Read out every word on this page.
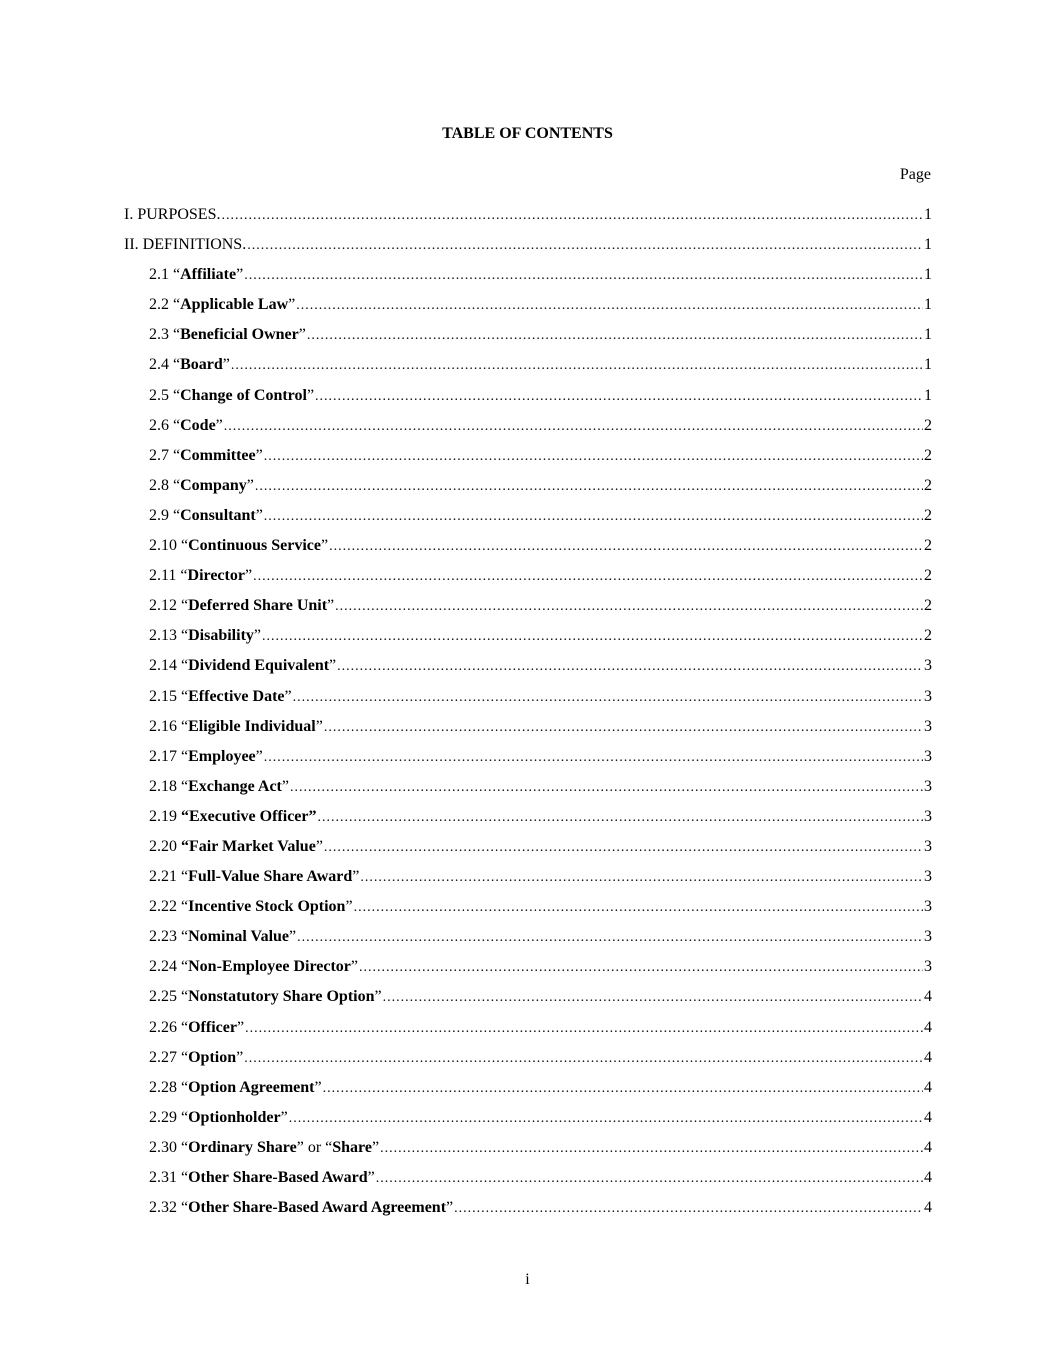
TABLE OF CONTENTS
Page
I. PURPOSES. .....	1
II. DEFINITIONS. .....	1
2.1 “Affiliate” .....	1
2.2 “Applicable Law” .....	1
2.3 “Beneficial Owner” .....	1
2.4 “Board” .....	1
2.5 “Change of Control” .....	1
2.6 “Code” .....	2
2.7 “Committee” .....	2
2.8 “Company” .....	2
2.9 “Consultant” .....	2
2.10 “Continuous Service” .....	2
2.11 “Director” .....	2
2.12 “Deferred Share Unit” .....	2
2.13 “Disability” .....	2
2.14 “Dividend Equivalent” .....	3
2.15 “Effective Date” .....	3
2.16 “Eligible Individual” .....	3
2.17 “Employee” .....	3
2.18 “Exchange Act” .....	3
2.19 “Executive Officer” .....	3
2.20 “Fair Market Value” .....	3
2.21 “Full-Value Share Award” .....	3
2.22 “Incentive Stock Option” .....	3
2.23 “Nominal Value” .....	3
2.24 “Non-Employee Director” .....	3
2.25 “Nonstatutory Share Option” .....	4
2.26 “Officer” .....	4
2.27 “Option” .....	4
2.28 “Option Agreement” .....	4
2.29 “Optionholder” .....	4
2.30 “Ordinary Share” or “Share” .....	4
2.31 “Other Share-Based Award” .....	4
2.32 “Other Share-Based Award Agreement” .....	4
i
